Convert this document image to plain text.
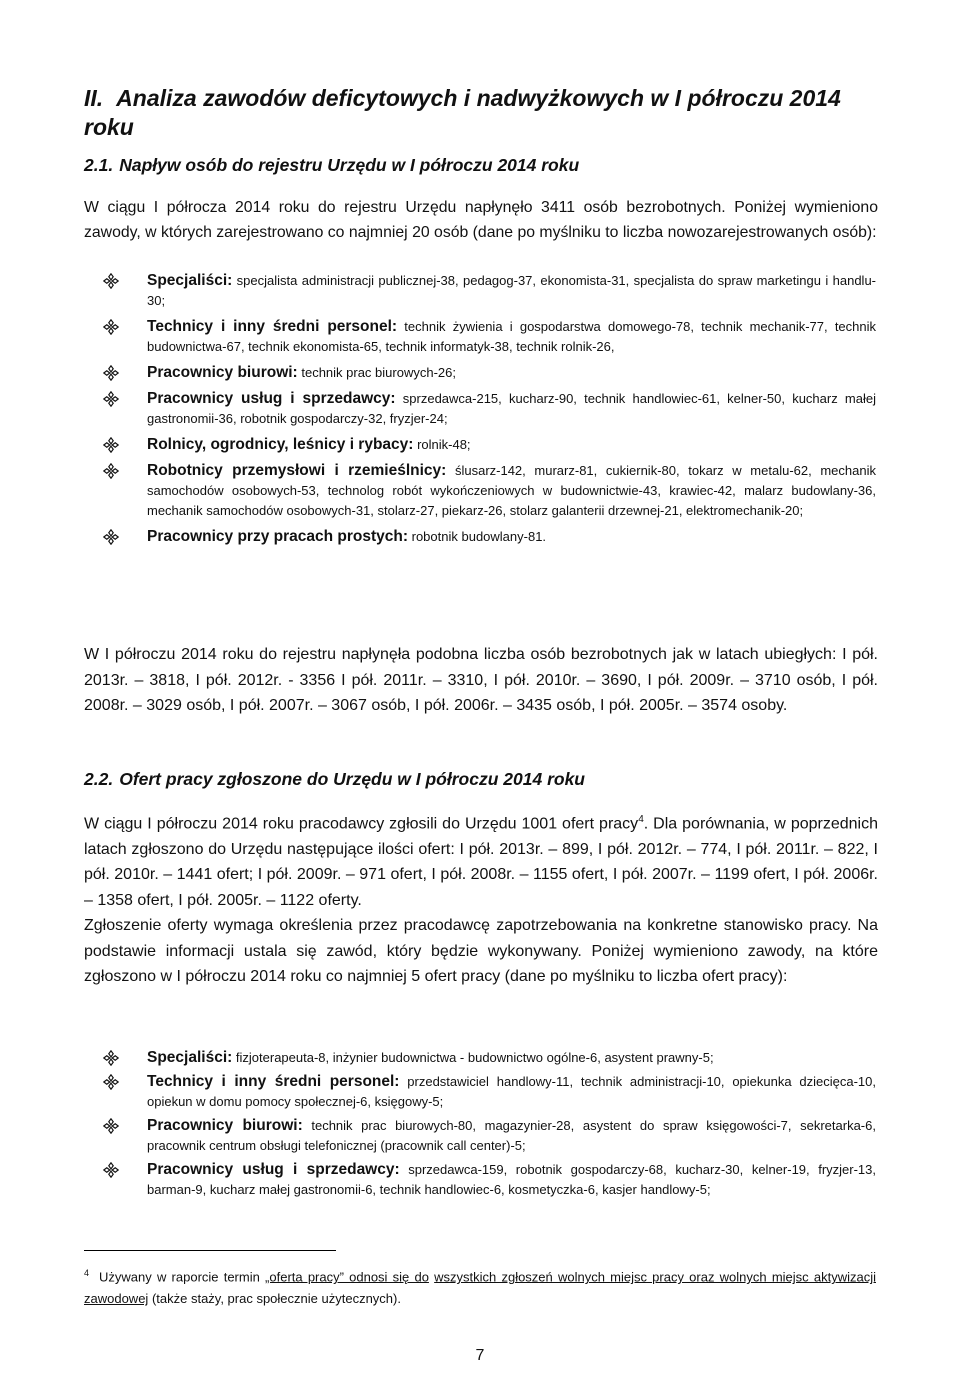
II. Analiza zawodów deficytowych i nadwyżkowych w I półroczu 2014 roku
2.1. Napływ osób do rejestru Urzędu w I półroczu 2014 roku

W ciągu I półrocza 2014 roku do rejestru Urzędu napłynęło 3411 osób bezrobotnych. Poniżej wymieniono zawody, w których zarejestrowano co najmniej 20 osób (dane po myślniku to liczba nowozarejestrowanych osób):

Specjaliści: specjalista administracji publicznej-38, pedagog-37, ekonomista-31, specjalista do spraw marketingu i handlu-30;
Technicy i inny średni personel: technik żywienia i gospodarstwa domowego-78, technik mechanik-77, technik budownictwa-67, technik ekonomista-65, technik informatyk-38, technik rolnik-26,
Pracownicy biurowi: technik prac biurowych-26;
Pracownicy usług i sprzedawcy: sprzedawca-215, kucharz-90, technik handlowiec-61, kelner-50, kucharz małej gastronomii-36, robotnik gospodarczy-32, fryzjer-24;
Rolnicy, ogrodnicy, leśnicy i rybacy: rolnik-48;
Robotnicy przemysłowi i rzemieślnicy: ślusarz-142, murarz-81, cukiernik-80, tokarz w metalu-62, mechanik samochodów osobowych-53, technolog robót wykończeniowych w budownictwie-43, krawiec-42, malarz budowlany-36, mechanik samochodów osobowych-31, stolarz-27, piekarz-26, stolarz galanterii drzewnej-21, elektromechanik-20;
Pracownicy przy pracach prostych: robotnik budowlany-81.

W I półroczu 2014 roku do rejestru napłynęła podobna liczba osób bezrobotnych jak w latach ubiegłych: I pół. 2013r. – 3818, I pół. 2012r. - 3356 I pół. 2011r. – 3310, I pół. 2010r. – 3690, I pół. 2009r. – 3710 osób, I pół. 2008r. – 3029 osób, I pół. 2007r. – 3067 osób, I pół. 2006r. – 3435 osób, I pół. 2005r. – 3574 osoby.

2.2. Ofert pracy zgłoszone do Urzędu w I półroczu 2014 roku

W ciągu I półroczu 2014 roku pracodawcy zgłosili do Urzędu 1001 ofert pracy$^4$. Dla porównania, w poprzednich latach zgłoszono do Urzędu następujące ilości ofert: I pół. 2013r. – 899, I pół. 2012r. – 774, I pół. 2011r. – 822, I pół. 2010r. – 1441 ofert; I pół. 2009r. – 971 ofert, I pół. 2008r. – 1155 ofert, I pół. 2007r. – 1199 ofert, I pół. 2006r. – 1358 ofert, I pół. 2005r. – 1122 oferty.
Zgłoszenie oferty wymaga określenia przez pracodawcę zapotrzebowania na konkretne stanowisko pracy. Na podstawie informacji ustala się zawód, który będzie wykonywany. Poniżej wymieniono zawody, na które zgłoszono w I półroczu 2014 roku co najmniej 5 ofert pracy (dane po myślniku to liczba ofert pracy):

Specjaliści: fizjoterapeuta-8, inżynier budownictwa - budownictwo ogólne-6, asystent prawny-5;
Technicy i inny średni personel: przedstawiciel handlowy-11, technik administracji-10, opiekunka dziecięca-10, opiekun w domu pomocy społecznej-6, księgowy-5;
Pracownicy biurowi: technik prac biurowych-80, magazynier-28, asystent do spraw księgowości-7, sekretarka-6, pracownik centrum obsługi telefonicznej (pracownik call center)-5;
Pracownicy usług i sprzedawcy: sprzedawca-159, robotnik gospodarczy-68, kucharz-30, kelner-19, fryzjer-13, barman-9, kucharz małej gastronomii-6, technik handlowiec-6, kosmetyczka-6, kasjer handlowy-5;

$^4$ Używany w raporcie termin „oferta pracy” odnosi się do wszystkich zgłoszeń wolnych miejsc pracy oraz wolnych miejsc aktywizacji zawodowej (także staży, prac społecznie użytecznych).

7
